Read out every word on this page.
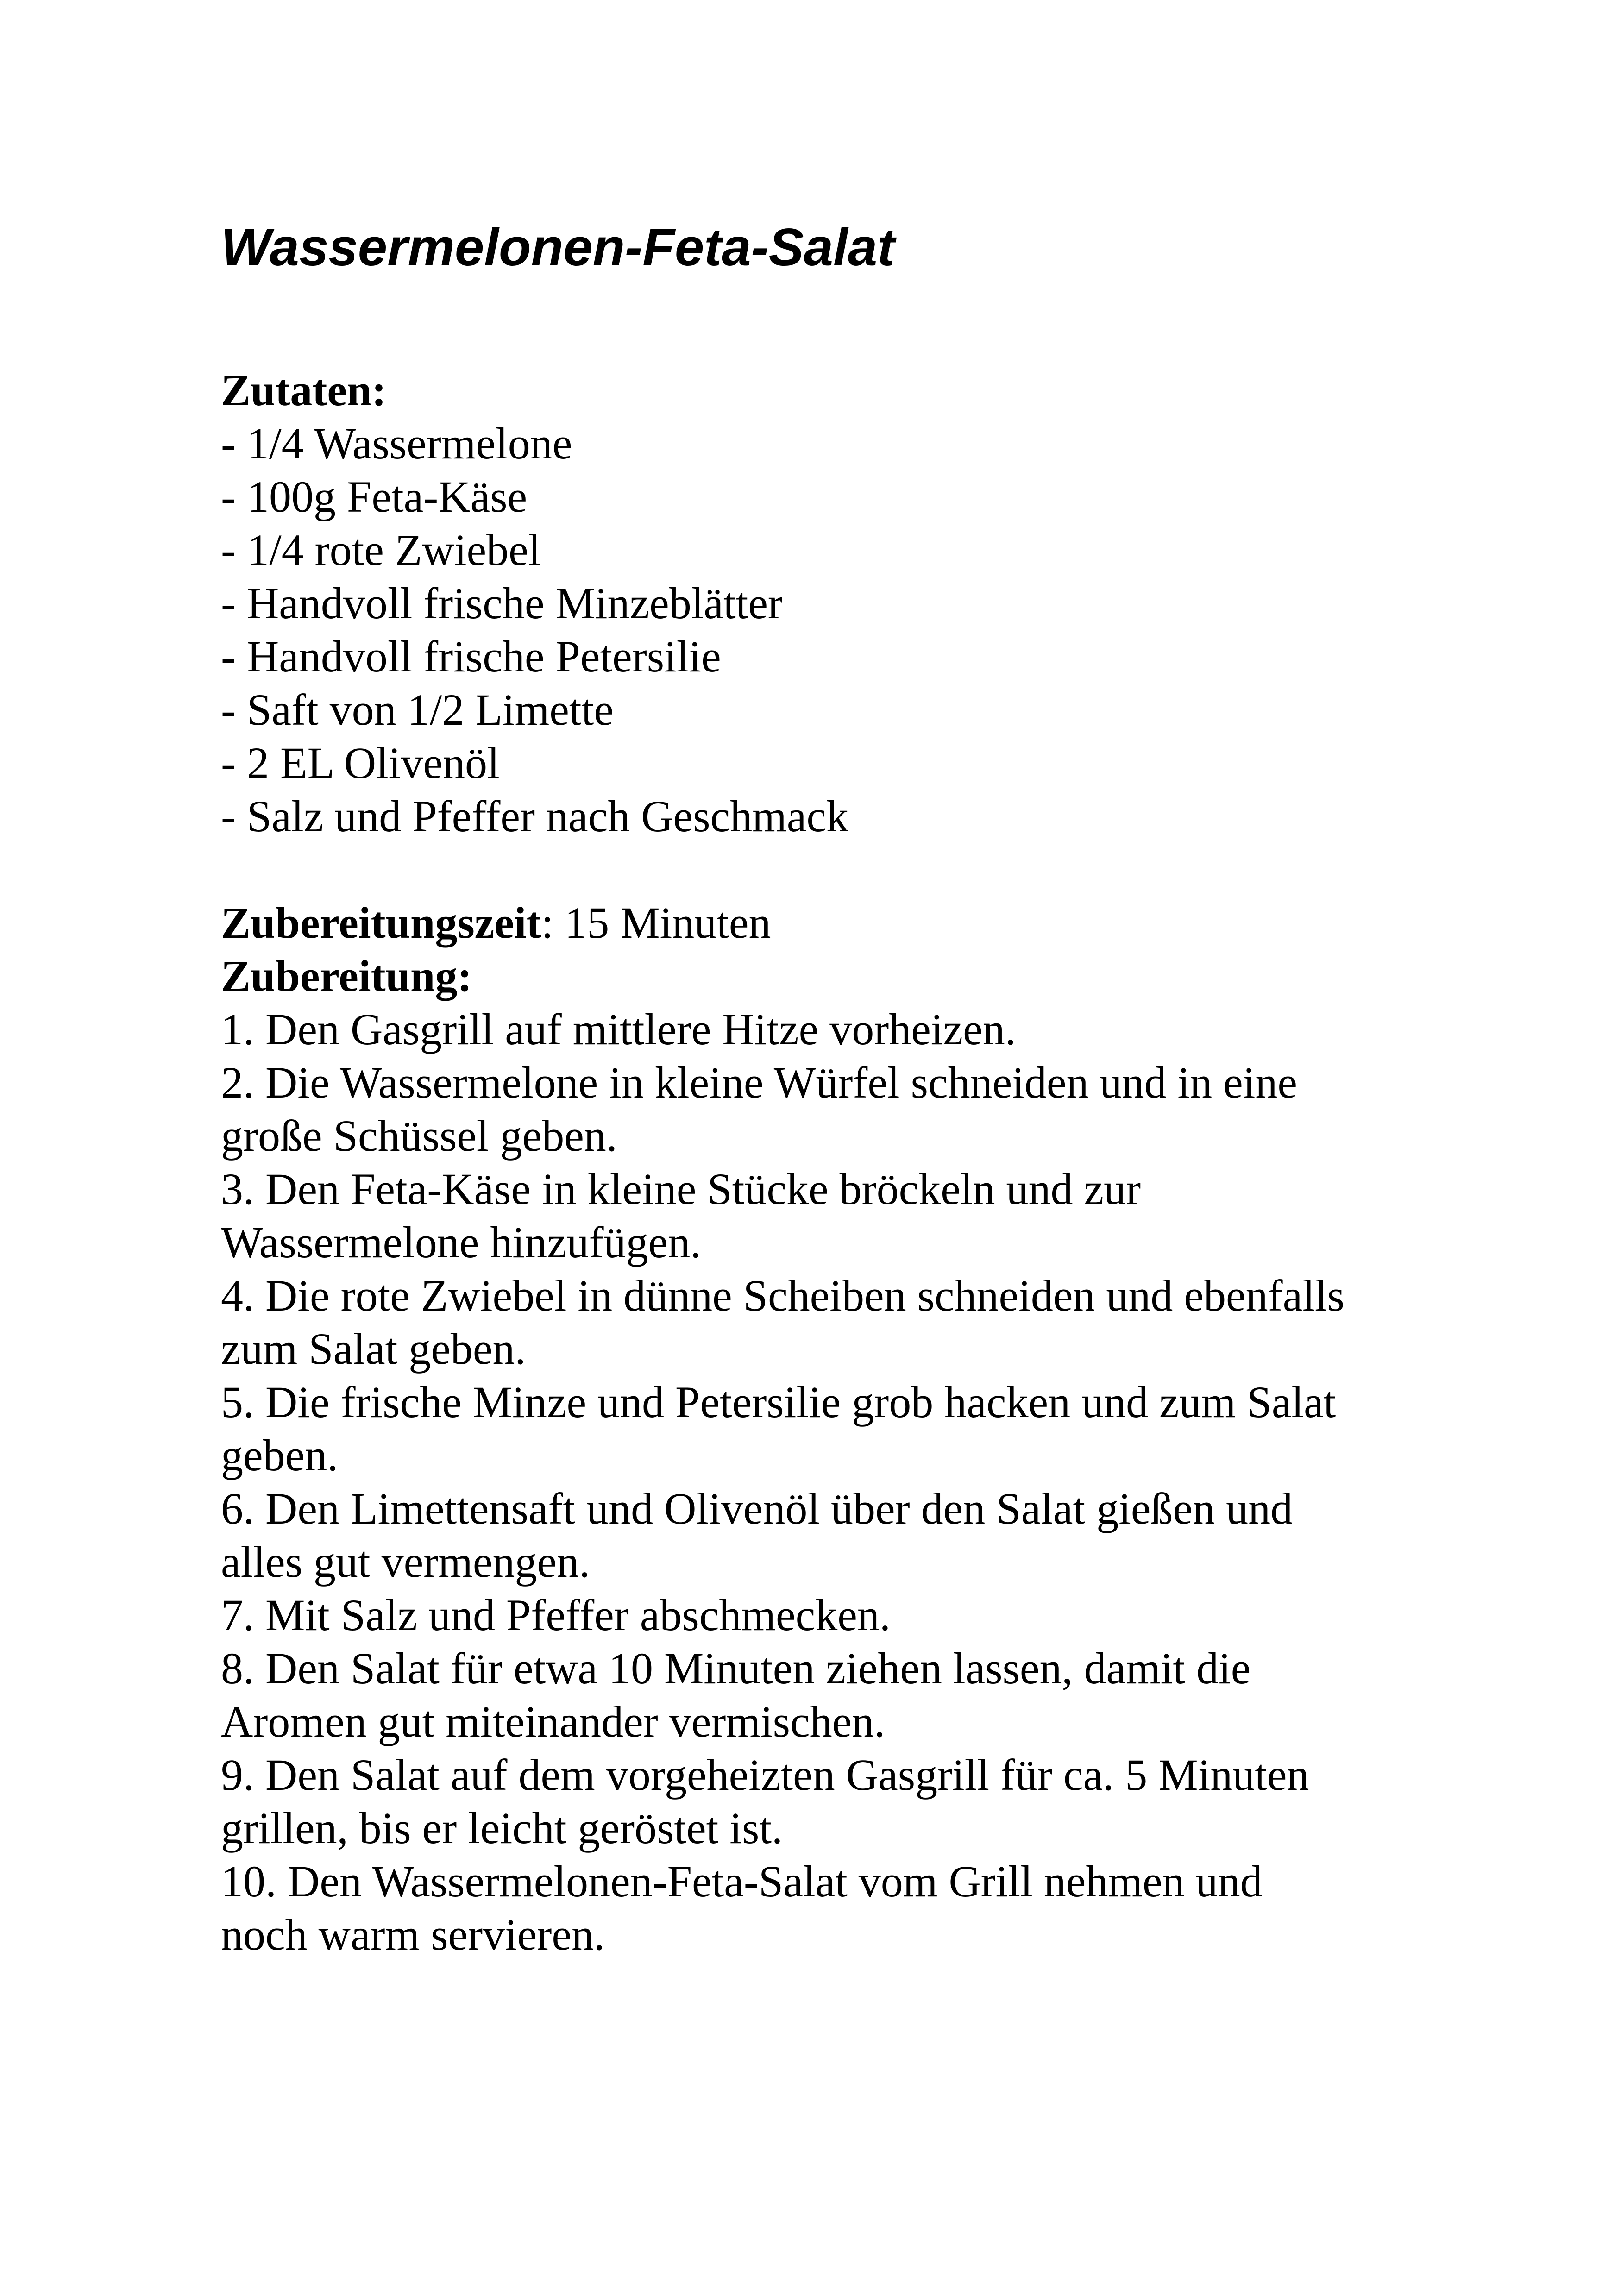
Wassermelonen-Feta-Salat
Zutaten:
- 1/4 Wassermelone
- 100g Feta-Käse
- 1/4 rote Zwiebel
- Handvoll frische Minzeblätter
- Handvoll frische Petersilie
- Saft von 1/2 Limette
- 2 EL Olivenöl
- Salz und Pfeffer nach Geschmack
Zubereitungszeit: 15 Minuten
Zubereitung:
1. Den Gasgrill auf mittlere Hitze vorheizen.
2. Die Wassermelone in kleine Würfel schneiden und in eine
große Schüssel geben.
3. Den Feta-Käse in kleine Stücke bröckeln und zur
Wassermelone hinzufügen.
4. Die rote Zwiebel in dünne Scheiben schneiden und ebenfalls
zum Salat geben.
5. Die frische Minze und Petersilie grob hacken und zum Salat
geben.
6. Den Limettensaft und Olivenöl über den Salat gießen und
alles gut vermengen.
7. Mit Salz und Pfeffer abschmecken.
8. Den Salat für etwa 10 Minuten ziehen lassen, damit die
Aromen gut miteinander vermischen.
9. Den Salat auf dem vorgeheizten Gasgrill für ca. 5 Minuten
grillen, bis er leicht geröstet ist.
10. Den Wassermelonen-Feta-Salat vom Grill nehmen und
noch warm servieren.
